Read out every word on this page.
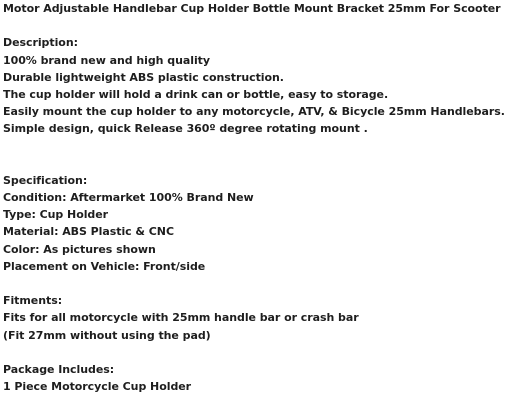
Motor Adjustable Handlebar Cup Holder Bottle Mount Bracket 25mm For Scooter
Description:
100% brand new and high quality
Durable lightweight ABS plastic construction.
The cup holder will hold a drink can or bottle, easy to storage.
Easily mount the cup holder to any motorcycle, ATV, & Bicycle 25mm Handlebars.
Simple design, quick Release 360º degree rotating mount .
Specification:
Condition: Aftermarket 100% Brand New
Type: Cup Holder
Material: ABS Plastic & CNC
Color: As pictures shown
Placement on Vehicle: Front/side
Fitments:
Fits for all motorcycle with 25mm handle bar or crash bar
(Fit 27mm without using the pad)
Package Includes:
1 Piece Motorcycle Cup Holder
